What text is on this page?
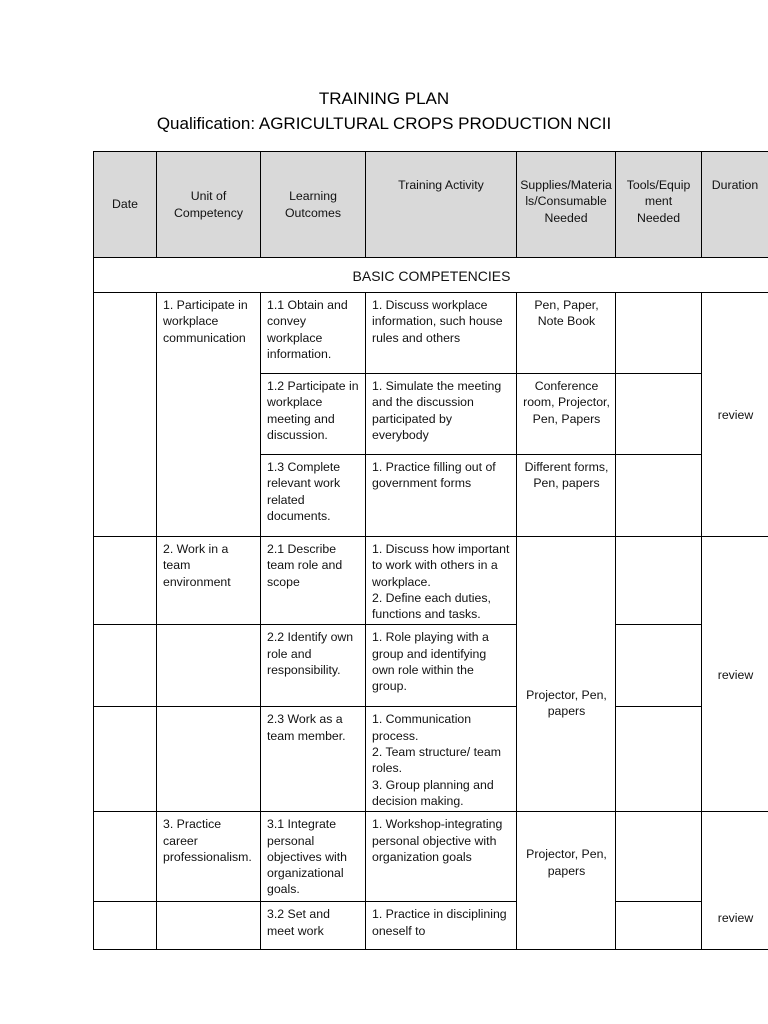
TRAINING PLAN
Qualification: AGRICULTURAL CROPS PRODUCTION NCII
Date	Unit of Competency	Learning Outcomes	Training Activity	Supplies/Materials/Consumable Needed	Tools/Equipment Needed	Duration
BASIC COMPETENCIES						
	1. Participate in workplace communication	1.1 Obtain and convey workplace information.	1. Discuss workplace information, such house rules and others	Pen, Paper, Note Book		review
		1.2 Participate in workplace meeting and discussion.	1. Simulate the meeting and the discussion participated by everybody	Conference room, Projector, Pen, Papers		
		1.3 Complete relevant work related documents.	1. Practice filling out of government forms	Different forms, Pen, papers		
	2. Work in a team environment	2.1 Describe team role and scope	1. Discuss how important to work with others in a workplace.
2. Define each duties, functions and tasks.	Projector, Pen, papers		review
		2.2 Identify own role and responsibility.	1. Role playing with a group and identifying own role within the group.			
		2.3 Work as a team member.	1. Communication process.
2. Team structure/ team roles.
3. Group planning and decision making.			
	3. Practice career professionalism.	3.1 Integrate personal objectives with organizational goals.	1. Workshop-integrating personal objective with organization goals	Projector, Pen, papers		review
		3.2 Set and meet work	1. Practice in disciplining oneself to			
